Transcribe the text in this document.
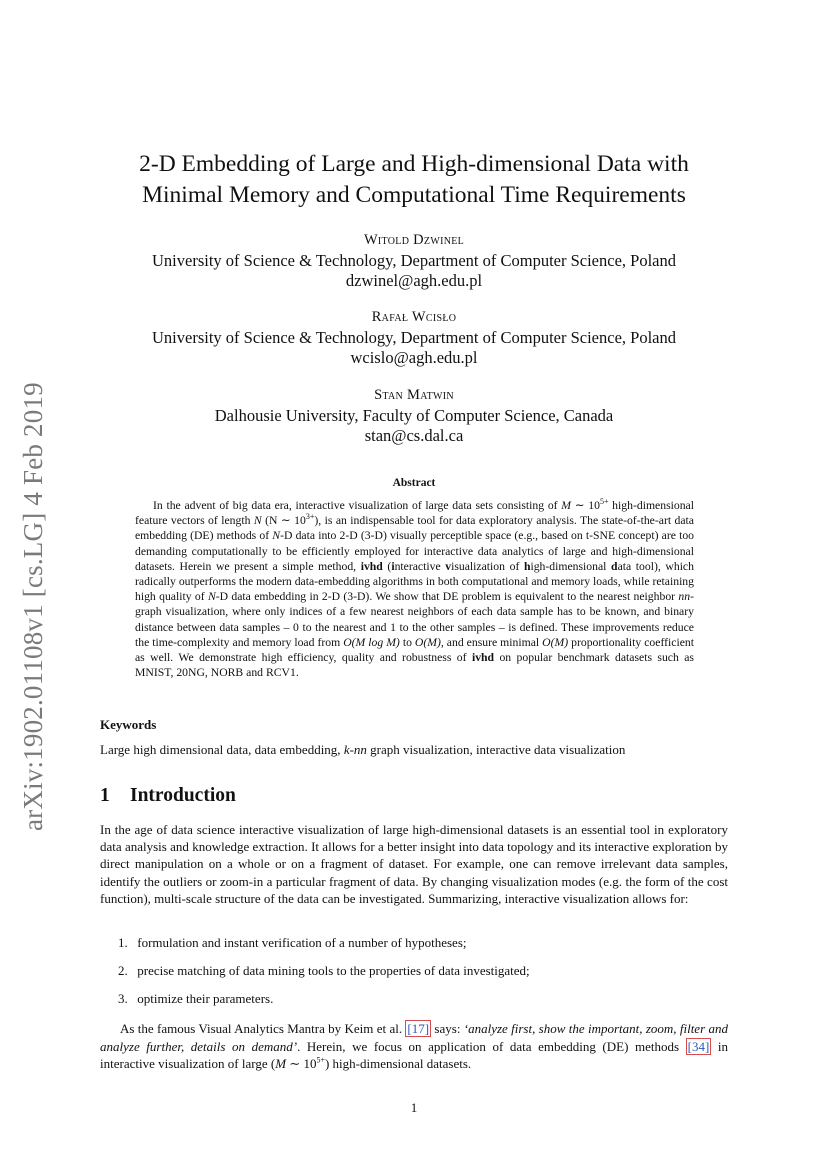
arXiv:1902.01108v1 [cs.LG] 4 Feb 2019
2-D Embedding of Large and High-dimensional Data with
Minimal Memory and Computational Time Requirements
Witold Dzwinel
University of Science & Technology, Department of Computer Science, Poland
dzwinel@agh.edu.pl
Rafał Wcisło
University of Science & Technology, Department of Computer Science, Poland
wcislo@agh.edu.pl
Stan Matwin
Dalhousie University, Faculty of Computer Science, Canada
stan@cs.dal.ca
Abstract
In the advent of big data era, interactive visualization of large data sets consisting of M ∼ $10^{5+}$ high-dimensional feature vectors of length N (N ∼ $10^{3+}$), is an indispensable tool for data exploratory analysis. The state-of-the-art data embedding (DE) methods of N-D data into 2-D (3-D) visually perceptible space (e.g., based on t-SNE concept) are too demanding computationally to be efficiently employed for interactive data analytics of large and high-dimensional datasets. Herein we present a simple method, ivhd (interactive visualization of high-dimensional data tool), which radically outperforms the modern data-embedding algorithms in both computational and memory loads, while retaining high quality of N-D data embedding in 2-D (3-D). We show that DE problem is equivalent to the nearest neighbor nn-graph visualization, where only indices of a few nearest neighbors of each data sample has to be known, and binary distance between data samples – 0 to the nearest and 1 to the other samples – is defined. These improvements reduce the time-complexity and memory load from O(M log M) to O(M), and ensure minimal O(M) proportionality coefficient as well. We demonstrate high efficiency, quality and robustness of ivhd on popular benchmark datasets such as MNIST, 20NG, NORB and RCV1.
Keywords
Large high dimensional data, data embedding, k-nn graph visualization, interactive data visualization
1 Introduction
In the age of data science interactive visualization of large high-dimensional datasets is an essential tool in exploratory data analysis and knowledge extraction. It allows for a better insight into data topology and its interactive exploration by direct manipulation on a whole or on a fragment of dataset. For example, one can remove irrelevant data samples, identify the outliers or zoom-in a particular fragment of data. By changing visualization modes (e.g. the form of the cost function), multi-scale structure of the data can be investigated. Summarizing, interactive visualization allows for:
1. formulation and instant verification of a number of hypotheses;
2. precise matching of data mining tools to the properties of data investigated;
3. optimize their parameters.
As the famous Visual Analytics Mantra by Keim et al. [17] says: ‘analyze first, show the important, zoom, filter and analyze further, details on demand’. Herein, we focus on application of data embedding (DE) methods [34] in interactive visualization of large (M ∼ $10^{5+}$) high-dimensional datasets.
1
